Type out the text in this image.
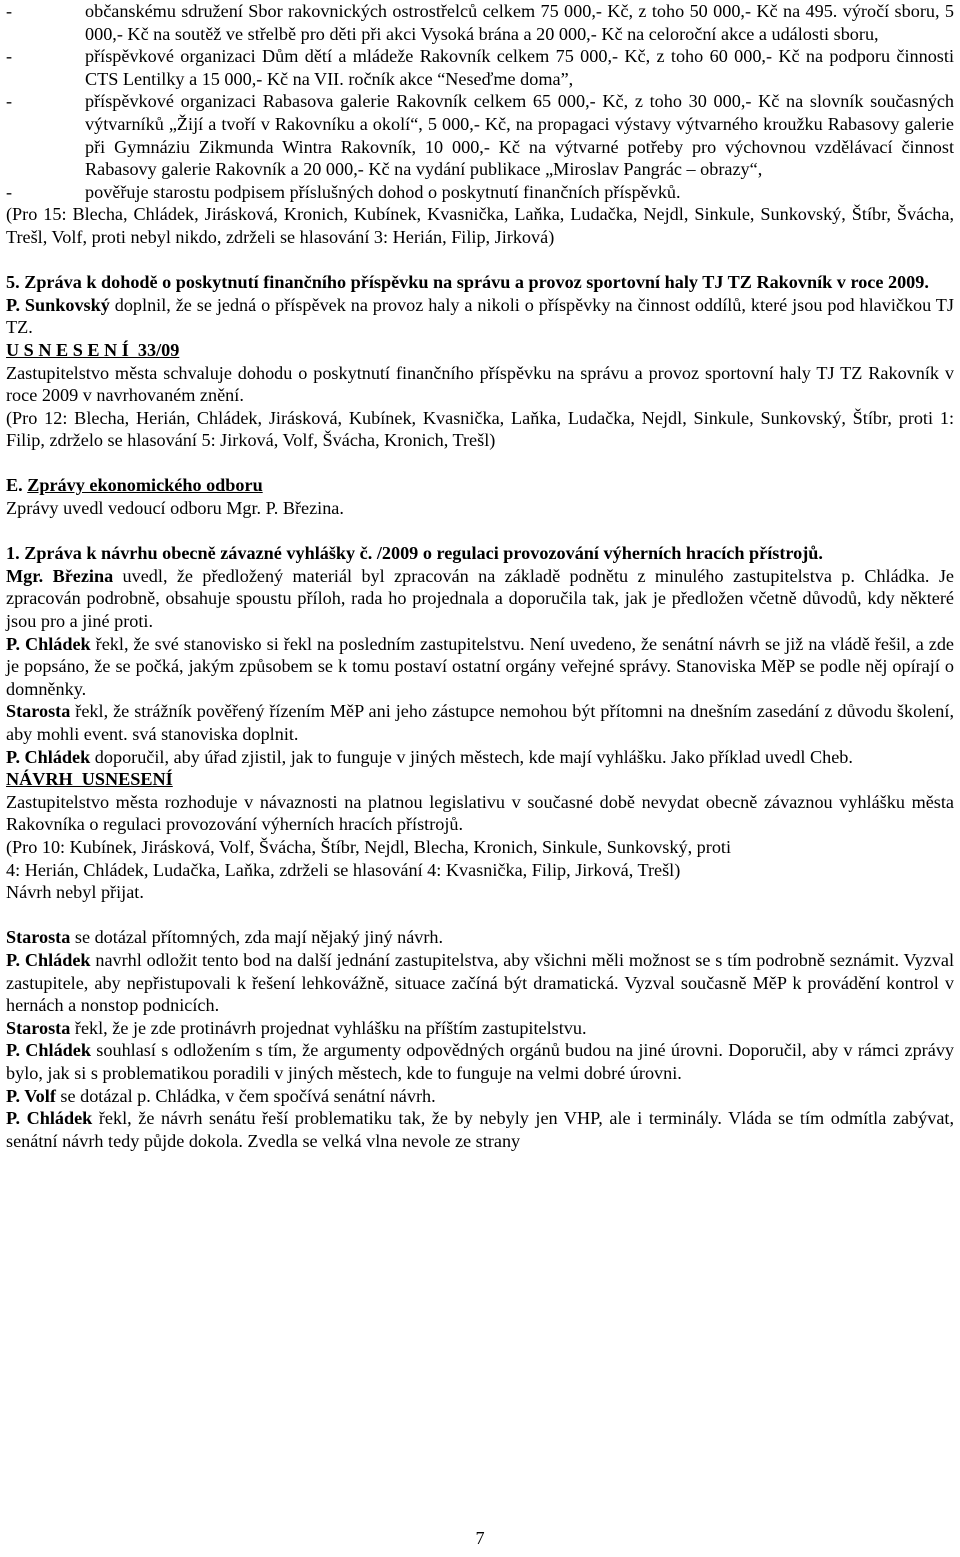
-	občanskému sdružení Sbor rakovnických ostrostřelců celkem 75 000,- Kč, z toho 50 000,- Kč na 495. výročí sboru, 5 000,- Kč na soutěž ve střelbě pro děti při akci Vysoká brána a 20 000,- Kč na celoroční akce a události sboru,
-	příspěvkové organizaci Dům dětí a mládeže Rakovník celkem 75 000,- Kč, z toho 60 000,- Kč na podporu činnosti CTS Lentilky a 15 000,- Kč na VII. ročník akce “Neseďme doma”,
-	příspěvkové organizaci Rabasova galerie Rakovník celkem 65 000,- Kč, z toho 30 000,- Kč na slovník současných výtvarníků „Žijí a tvoří v Rakovníku a okolí“, 5 000,- Kč, na propagaci výstavy výtvarného kroužku Rabasovy galerie při Gymnáziu Zikmunda Wintra Rakovník, 10 000,- Kč na výtvarné potřeby pro výchovnou vzdělávací činnost Rabasovy galerie Rakovník a 20 000,- Kč na vydání publikace „Miroslav Pangrác – obrazy“,
-	pověřuje starostu podpisem příslušných dohod o poskytnutí finančních příspěvků.

(Pro 15: Blecha, Chládek, Jirásková, Kronich, Kubínek, Kvasnička, Laňka, Ludačka, Nejdl, Sinkule, Sunkovský, Štíbr, Švácha, Trešl, Volf, proti nebyl nikdo, zdrželi se hlasování 3: Herián, Filip, Jirková)

5. Zpráva k dohodě o poskytnutí finančního příspěvku na správu a provoz sportovní haly TJ TZ Rakovník v roce 2009.

P. Sunkovský doplnil, že se jedná o příspěvek na provoz haly a nikoli o příspěvky na činnost oddílů, které jsou pod hlavičkou TJ TZ.

U S N E S E N Í  33/09

Zastupitelstvo města schvaluje dohodu o poskytnutí finančního příspěvku na správu a provoz sportovní haly TJ TZ Rakovník v roce 2009 v navrhovaném znění.

(Pro 12: Blecha, Herián, Chládek, Jirásková, Kubínek, Kvasnička, Laňka, Ludačka, Nejdl, Sinkule, Sunkovský, Štíbr, proti 1: Filip, zdrželo se hlasování 5: Jirková, Volf, Švácha, Kronich, Trešl)

E. Zprávy ekonomického odboru

Zprávy uvedl vedoucí odboru Mgr. P. Březina.

1. Zpráva k návrhu obecně závazné vyhlášky č. /2009 o regulaci provozování výherních hracích přístrojů.

Mgr. Březina uvedl, že předložený materiál byl zpracován na základě podnětu z minulého zastupitelstva p. Chládka. Je zpracován podrobně, obsahuje spoustu příloh, rada ho projednala a doporučila tak, jak je předložen včetně důvodů, kdy některé jsou pro a jiné proti.

P. Chládek řekl, že své stanovisko si řekl na posledním zastupitelstvu. Není uvedeno, že senátní návrh se již na vládě řešil, a zde je popsáno, že se počká, jakým způsobem se k tomu postaví ostatní orgány veřejné správy. Stanoviska MěP se podle něj opírají o domněnky.

Starosta řekl, že strážník pověřený řízením MěP ani jeho zástupce nemohou být přítomni na dnešním zasedání z důvodu školení, aby mohli event. svá stanoviska doplnit.

P. Chládek doporučil, aby úřad zjistil, jak to funguje v jiných městech, kde mají vyhlášku. Jako příklad uvedl Cheb.

NÁVRH  USNESENÍ

Zastupitelstvo města rozhoduje v návaznosti na platnou legislativu v současné době nevydat obecně závaznou vyhlášku města Rakovníka o regulaci provozování výherních hracích přístrojů.

(Pro 10: Kubínek, Jirásková, Volf, Švácha, Štíbr, Nejdl, Blecha, Kronich, Sinkule, Sunkovský, proti

4: Herián, Chládek, Ludačka, Laňka, zdrželi se hlasování 4: Kvasnička, Filip, Jirková, Trešl)

Návrh nebyl přijat.

Starosta se dotázal přítomných, zda mají nějaký jiný návrh.

P. Chládek navrhl odložit tento bod na další jednání zastupitelstva, aby všichni měli možnost se s tím podrobně seznámit. Vyzval zastupitele, aby nepřistupovali k řešení lehkovážně, situace začíná být dramatická. Vyzval současně MěP k provádění kontrol v hernách a nonstop podnicích.

Starosta řekl, že je zde protinávrh projednat vyhlášku na příštím zastupitelstvu.

P. Chládek souhlasí s odložením s tím, že argumenty odpovědných orgánů budou na jiné úrovni. Doporučil, aby v rámci zprávy bylo, jak si s problematikou poradili v jiných městech, kde to funguje na velmi dobré úrovni.

P. Volf se dotázal p. Chládka, v čem spočívá senátní návrh.

P. Chládek řekl, že návrh senátu řeší problematiku tak, že by nebyly jen VHP, ale i terminály. Vláda se tím odmítla zabývat, senátní návrh tedy půjde dokola. Zvedla se velká vlna nevole ze strany

7
